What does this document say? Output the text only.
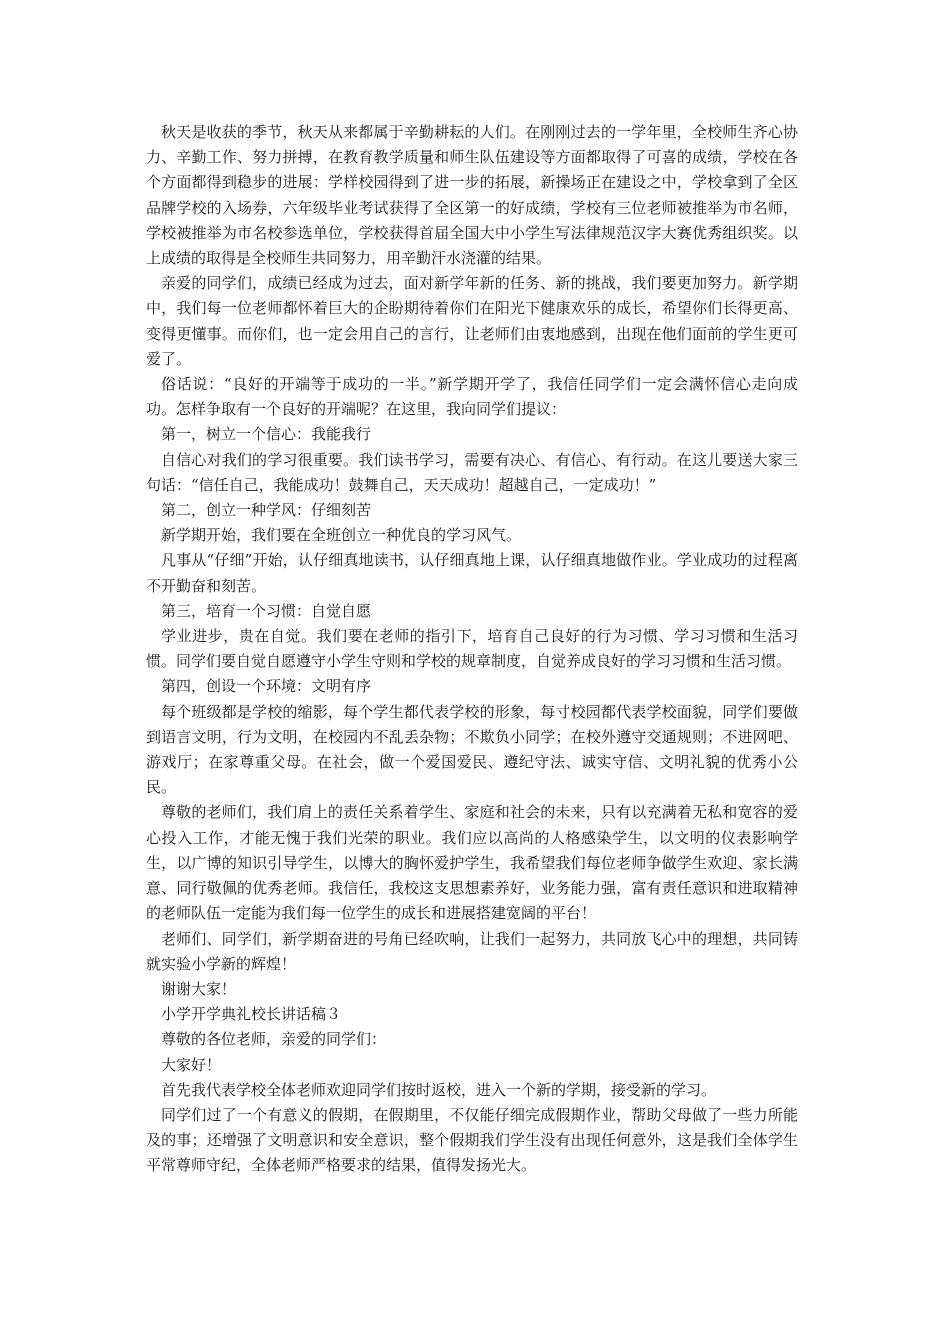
秋天是收获的季节，秋天从来都属于辛勤耕耘的人们。在刚刚过去的一学年里，全校师生齐心协力、辛勤工作、努力拼搏，在教育教学质量和师生队伍建设等方面都取得了可喜的成绩，学校在各个方面都得到稳步的进展：学样校园得到了进一步的拓展，新操场正在建设之中，学校拿到了全区品牌学校的入场券，六年级毕业考试获得了全区第一的好成绩，学校有三位老师被推举为市名师，学校被推举为市名校参选单位，学校获得首届全国大中小学生写法律规范汉字大赛优秀组织奖。以上成绩的取得是全校师生共同努力，用辛勤汗水浇灌的结果。

亲爱的同学们，成绩已经成为过去，面对新学年新的任务、新的挑战，我们要更加努力。新学期中，我们每一位老师都怀着巨大的企盼期待着你们在阳光下健康欢乐的成长，希望你们长得更高、变得更懂事。而你们，也一定会用自己的言行，让老师们由衷地感到，出现在他们面前的学生更可爱了。

俗话说：“良好的开端等于成功的一半。”新学期开学了，我信任同学们一定会满怀信心走向成功。怎样争取有一个良好的开端呢？在这里，我向同学们提议：

第一，树立一个信心：我能我行

自信心对我们的学习很重要。我们读书学习，需要有决心、有信心、有行动。在这儿要送大家三句话：“信任自己，我能成功！鼓舞自己，天天成功！超越自己，一定成功！”

第二，创立一种学风：仔细刻苦

新学期开始，我们要在全班创立一种优良的学习风气。

凡事从“仔细”开始，认仔细真地读书，认仔细真地上课，认仔细真地做作业。学业成功的过程离不开勤奋和刻苦。

第三，培育一个习惯：自觉自愿

学业进步，贵在自觉。我们要在老师的指引下，培育自己良好的行为习惯、学习习惯和生活习惯。同学们要自觉自愿遵守小学生守则和学校的规章制度，自觉养成良好的学习习惯和生活习惯。

第四，创设一个环境：文明有序

每个班级都是学校的缩影，每个学生都代表学校的形象，每寸校园都代表学校面貌，同学们要做到语言文明，行为文明，在校园内不乱丢杂物；不欺负小同学；在校外遵守交通规则；不进网吧、游戏厅；在家尊重父母。在社会，做一个爱国爱民、遵纪守法、诚实守信、文明礼貌的优秀小公民。

尊敬的老师们，我们肩上的责任关系着学生、家庭和社会的未来，只有以充满着无私和宽容的爱心投入工作，才能无愧于我们光荣的职业。我们应以高尚的人格感染学生，以文明的仪表影响学生，以广博的知识引导学生，以博大的胸怀爱护学生，我希望我们每位老师争做学生欢迎、家长满意、同行敬佩的优秀老师。我信任，我校这支思想素养好，业务能力强，富有责任意识和进取精神的老师队伍一定能为我们每一位学生的成长和进展搭建宽阔的平台！

老师们、同学们，新学期奋进的号角已经吹响，让我们一起努力，共同放飞心中的理想，共同铸就实验小学新的辉煌！

谢谢大家！

小学开学典礼校长讲话稿３

尊敬的各位老师，亲爱的同学们：

大家好！

首先我代表学校全体老师欢迎同学们按时返校，进入一个新的学期，接受新的学习。

同学们过了一个有意义的假期，在假期里，不仅能仔细完成假期作业，帮助父母做了一些力所能及的事；还增强了文明意识和安全意识，整个假期我们学生没有出现任何意外，这是我们全体学生平常尊师守纪，全体老师严格要求的结果，值得发扬光大。
